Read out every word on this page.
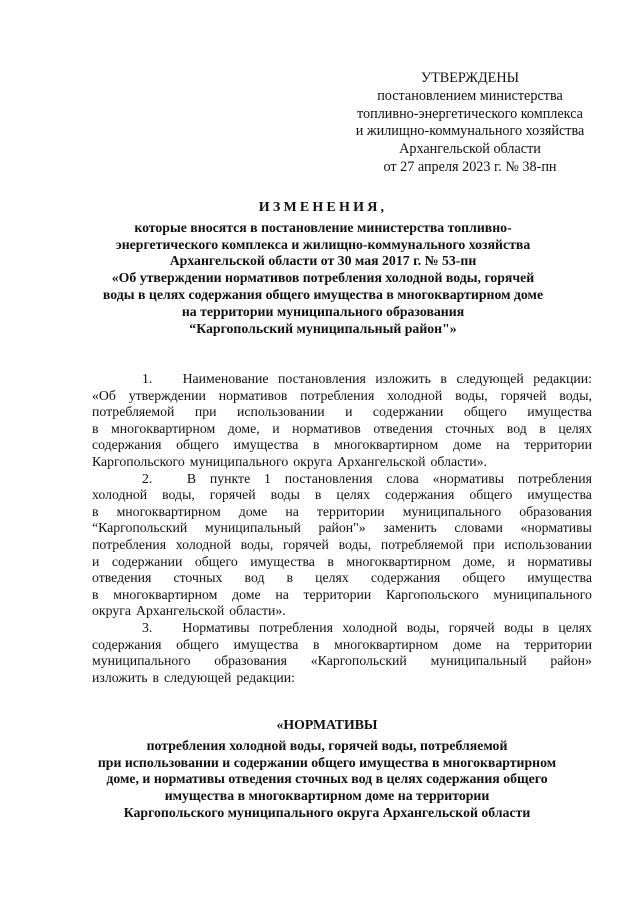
УТВЕРЖДЕНЫ
постановлением министерства
топливно-энергетического комплекса
и жилищно-коммунального хозяйства
Архангельской области
от 27 апреля 2023 г. № 38-пн
ИЗМЕНЕНИЯ,
которые вносятся в постановление министерства топливно-
энергетического комплекса и жилищно-коммунального хозяйства
Архангельской области от 30 мая 2017 г. № 53-пн
«Об утверждении нормативов потребления холодной воды, горячей
воды в целях содержания общего имущества в многоквартирном доме
на территории муниципального образования
“Каргопольский муниципальный район"»
1. Наименование постановления изложить в следующей редакции:
«Об утверждении нормативов потребления холодной воды, горячей воды,
потребляемой при использовании и содержании общего имущества
в многоквартирном доме, и нормативов отведения сточных вод в целях
содержания общего имущества в многоквартирном доме на территории
Каргопольского муниципального округа Архангельской области».
2. В пункте 1 постановления слова «нормативы потребления
холодной воды, горячей воды в целях содержания общего имущества
в многоквартирном доме на территории муниципального образования
“Каргопольский муниципальный район"» заменить словами «нормативы
потребления холодной воды, горячей воды, потребляемой при использовании
и содержании общего имущества в многоквартирном доме, и нормативы
отведения сточных вод в целях содержания общего имущества
в многоквартирном доме на территории Каргопольского муниципального
округа Архангельской области».
3. Нормативы потребления холодной воды, горячей воды в целях
содержания общего имущества в многоквартирном доме на территории
муниципального образования «Каргопольский муниципальный район»
изложить в следующей редакции:
«НОРМАТИВЫ
потребления холодной воды, горячей воды, потребляемой
при использовании и содержании общего имущества в многоквартирном
доме, и нормативы отведения сточных вод в целях содержания общего
имущества в многоквартирном доме на территории
Каргопольского муниципального округа Архангельской области
